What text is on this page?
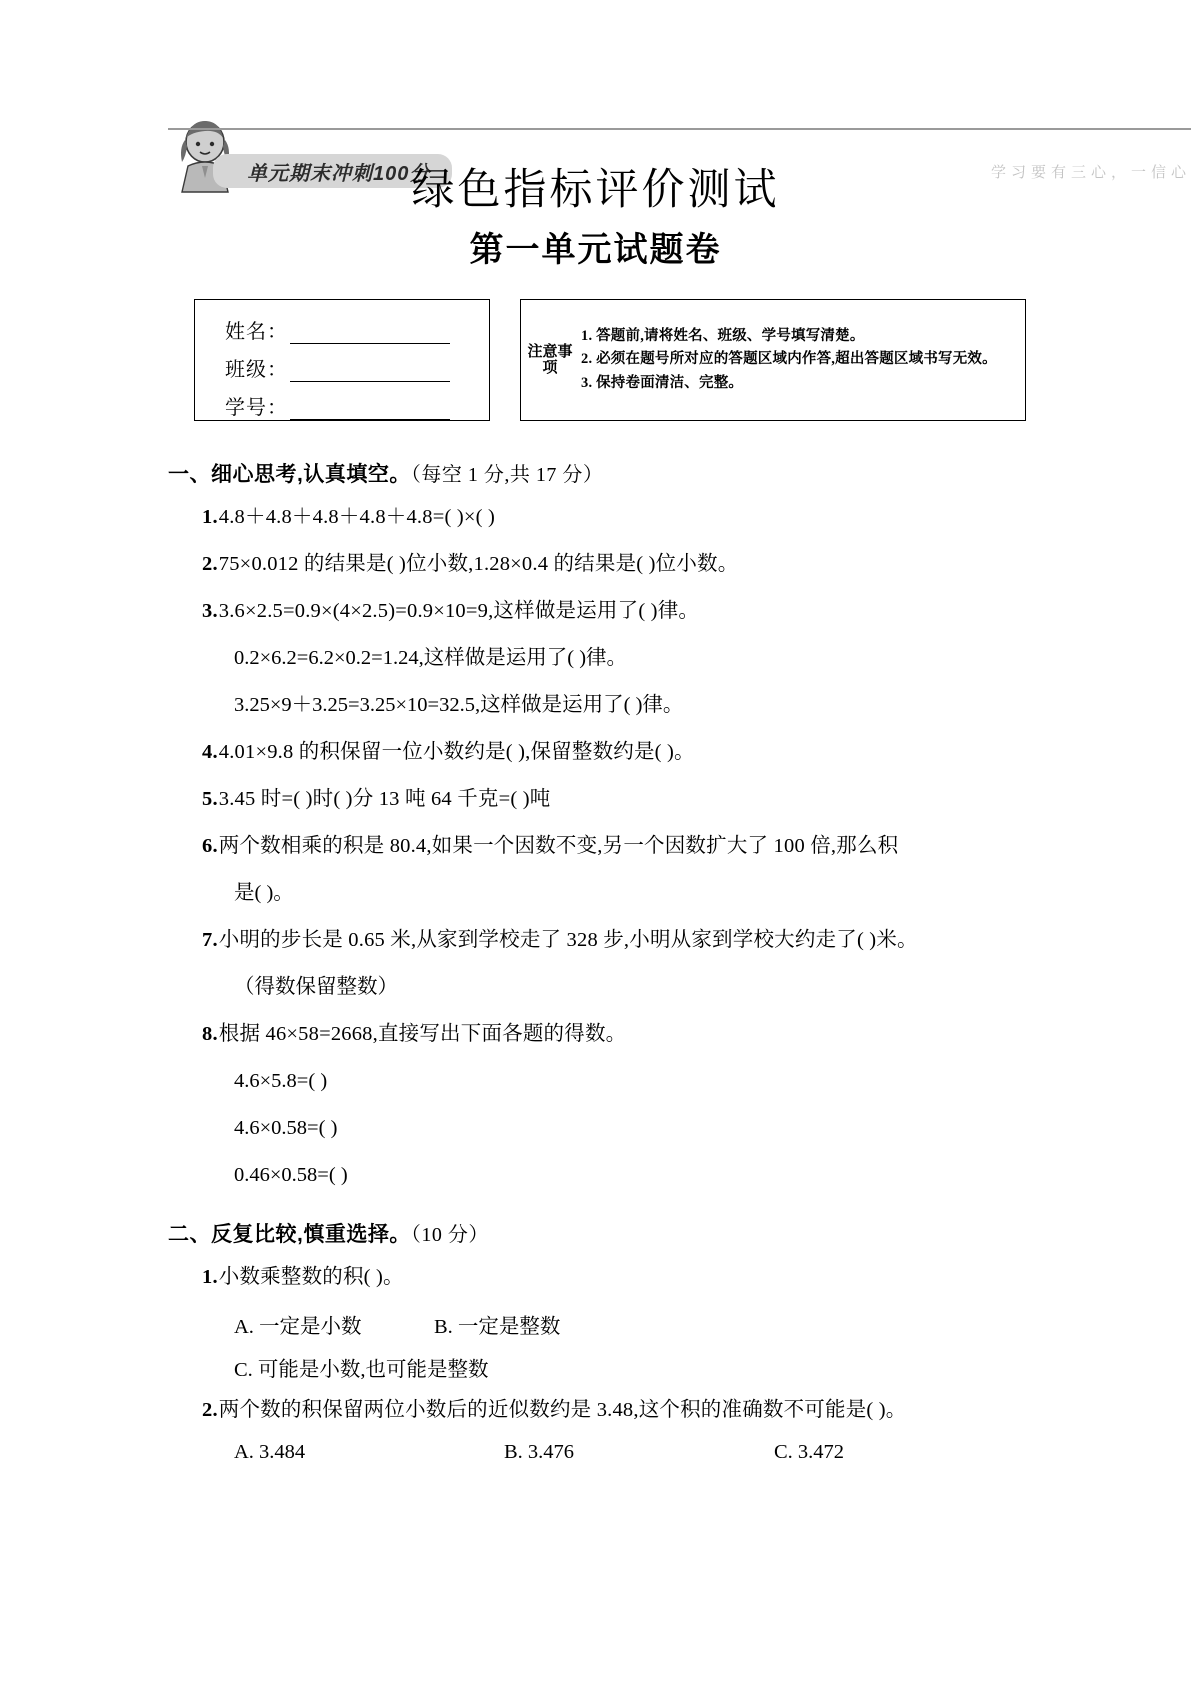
单元期末冲刺100分	学习要有三心，一信心
绿色指标评价测试
第一单元试题卷
姓名：
班级：
学号：
注意事项
1. 答题前,请将姓名、班级、学号填写清楚。
2. 必须在题号所对应的答题区域内作答,超出答题区域书写无效。
3. 保持卷面清洁、完整。
一、细心思考,认真填空。（每空 1 分,共 17 分）
1.4.8＋4.8＋4.8＋4.8＋4.8=( )×( )
2.75×0.012 的结果是( )位小数,1.28×0.4 的结果是( )位小数。
3.3.6×2.5=0.9×(4×2.5)=0.9×10=9,这样做是运用了( )律。
0.2×6.2=6.2×0.2=1.24,这样做是运用了( )律。
3.25×9＋3.25=3.25×10=32.5,这样做是运用了( )律。
4.4.01×9.8 的积保留一位小数约是( ),保留整数约是( )。
5.3.45 时=( )时( )分 13 吨 64 千克=( )吨
6.两个数相乘的积是 80.4,如果一个因数不变,另一个因数扩大了 100 倍,那么积
是( )。
7.小明的步长是 0.65 米,从家到学校走了 328 步,小明从家到学校大约走了( )米。
（得数保留整数）
8.根据 46×58=2668,直接写出下面各题的得数。
4.6×5.8=( )
4.6×0.58=( )
0.46×0.58=( )
二、反复比较,慎重选择。（10 分）
1.小数乘整数的积( )。
A. 一定是小数	B. 一定是整数
C. 可能是小数,也可能是整数
2.两个数的积保留两位小数后的近似数约是 3.48,这个积的准确数不可能是( )。
A. 3.484	B. 3.476	C. 3.472
